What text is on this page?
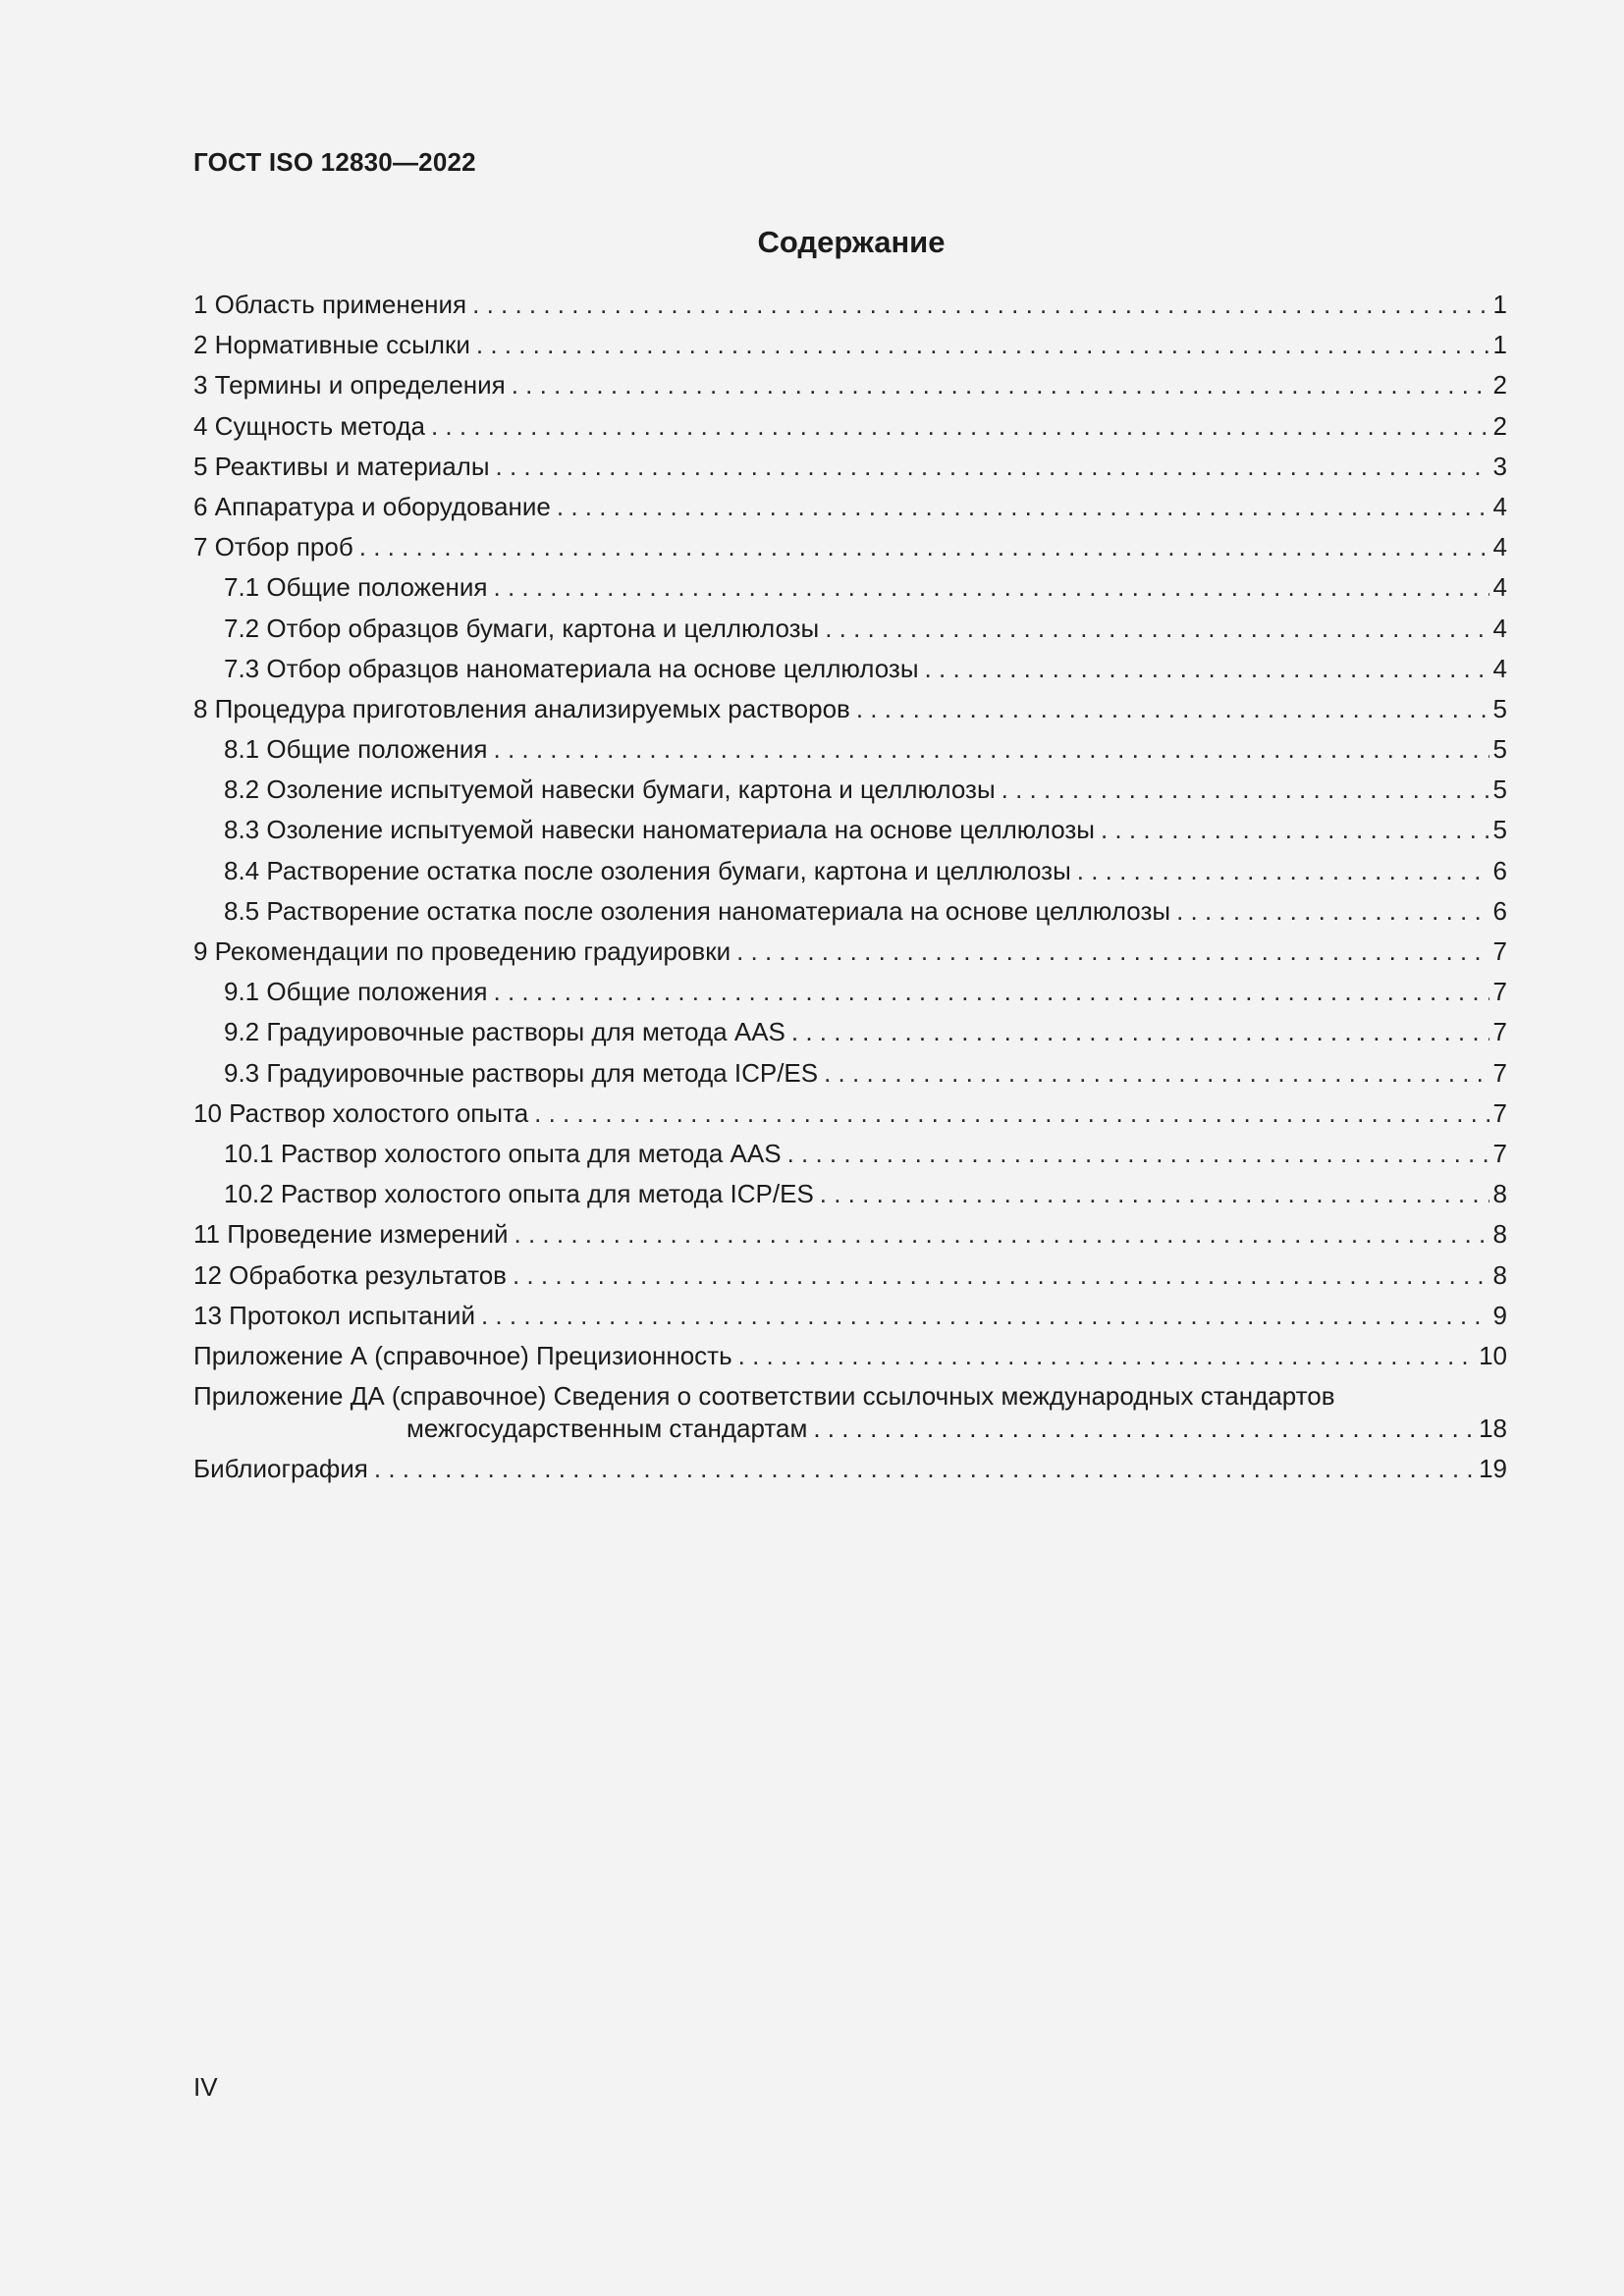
ГОСТ ISO 12830—2022
Содержание
1 Область применения . . .	1
2 Нормативные ссылки . . .	1
3 Термины и определения . . .	2
4 Сущность метода . . .	2
5 Реактивы и материалы . . .	3
6 Аппаратура и оборудование . . .	4
7 Отбор проб . . .	4
7.1 Общие положения . . .	4
7.2 Отбор образцов бумаги, картона и целлюлозы . . .	4
7.3 Отбор образцов наноматериала на основе целлюлозы . . .	4
8 Процедура приготовления анализируемых растворов . . .	5
8.1 Общие положения . . .	5
8.2 Озоление испытуемой навески бумаги, картона и целлюлозы . . .	5
8.3 Озоление испытуемой навески наноматериала на основе целлюлозы . . .	5
8.4 Растворение остатка после озоления бумаги, картона и целлюлозы . . .	6
8.5 Растворение остатка после озоления наноматериала на основе целлюлозы . . .	6
9 Рекомендации по проведению градуировки . . .	7
9.1 Общие положения . . .	7
9.2 Градуировочные растворы для метода AAS . . .	7
9.3 Градуировочные растворы для метода ICP/ES . . .	7
10 Раствор холостого опыта . . .	7
10.1 Раствор холостого опыта для метода AAS . . .	7
10.2 Раствор холостого опыта для метода ICP/ES . . .	8
11 Проведение измерений . . .	8
12 Обработка результатов . . .	8
13 Протокол испытаний . . .	9
Приложение А (справочное) Прецизионность . . .	10
Приложение ДА (справочное) Сведения о соответствии ссылочных международных стандартов
межгосударственным стандартам . . .	18
Библиография . . .	19
IV
